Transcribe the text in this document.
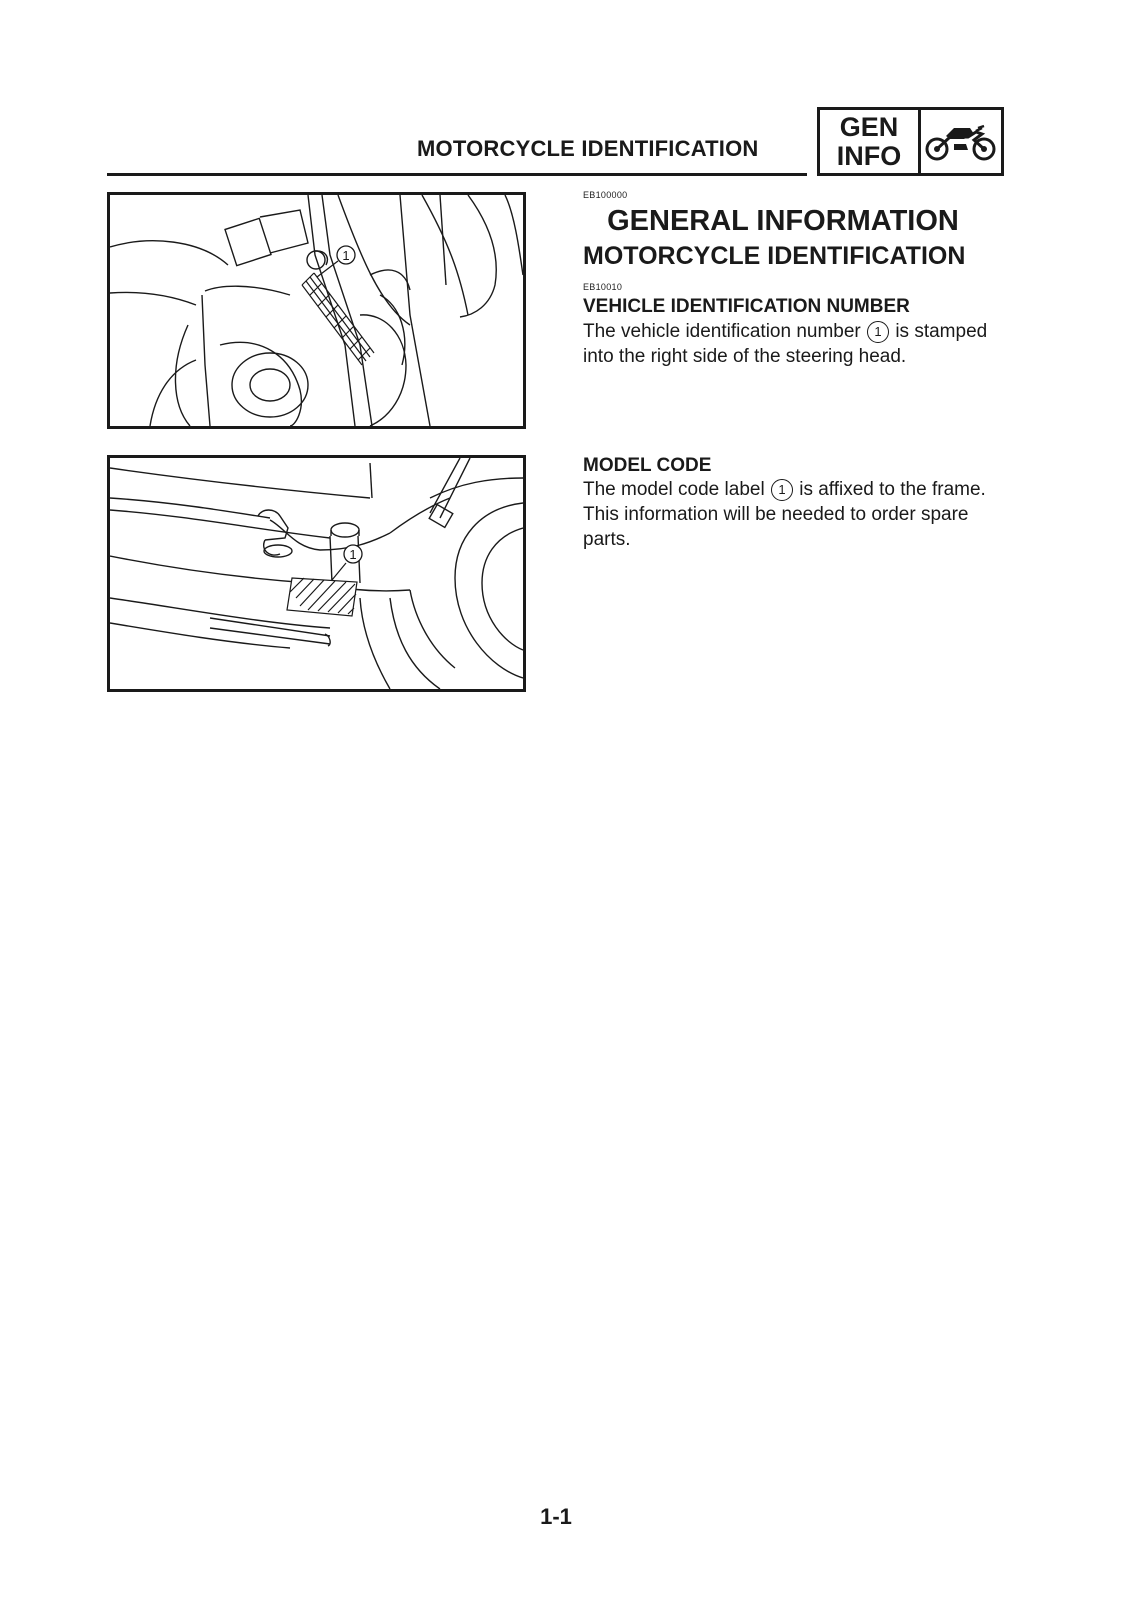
MOTORCYCLE IDENTIFICATION
GEN
INFO
1
1
EB100000
GENERAL INFORMATION
MOTORCYCLE IDENTIFICATION
EB10010
VEHICLE IDENTIFICATION NUMBER
The vehicle identification number 1 is stamped into the right side of the steering head.
MODEL CODE
The model code label 1 is affixed to the frame. This information will be needed to order spare parts.
1-1
